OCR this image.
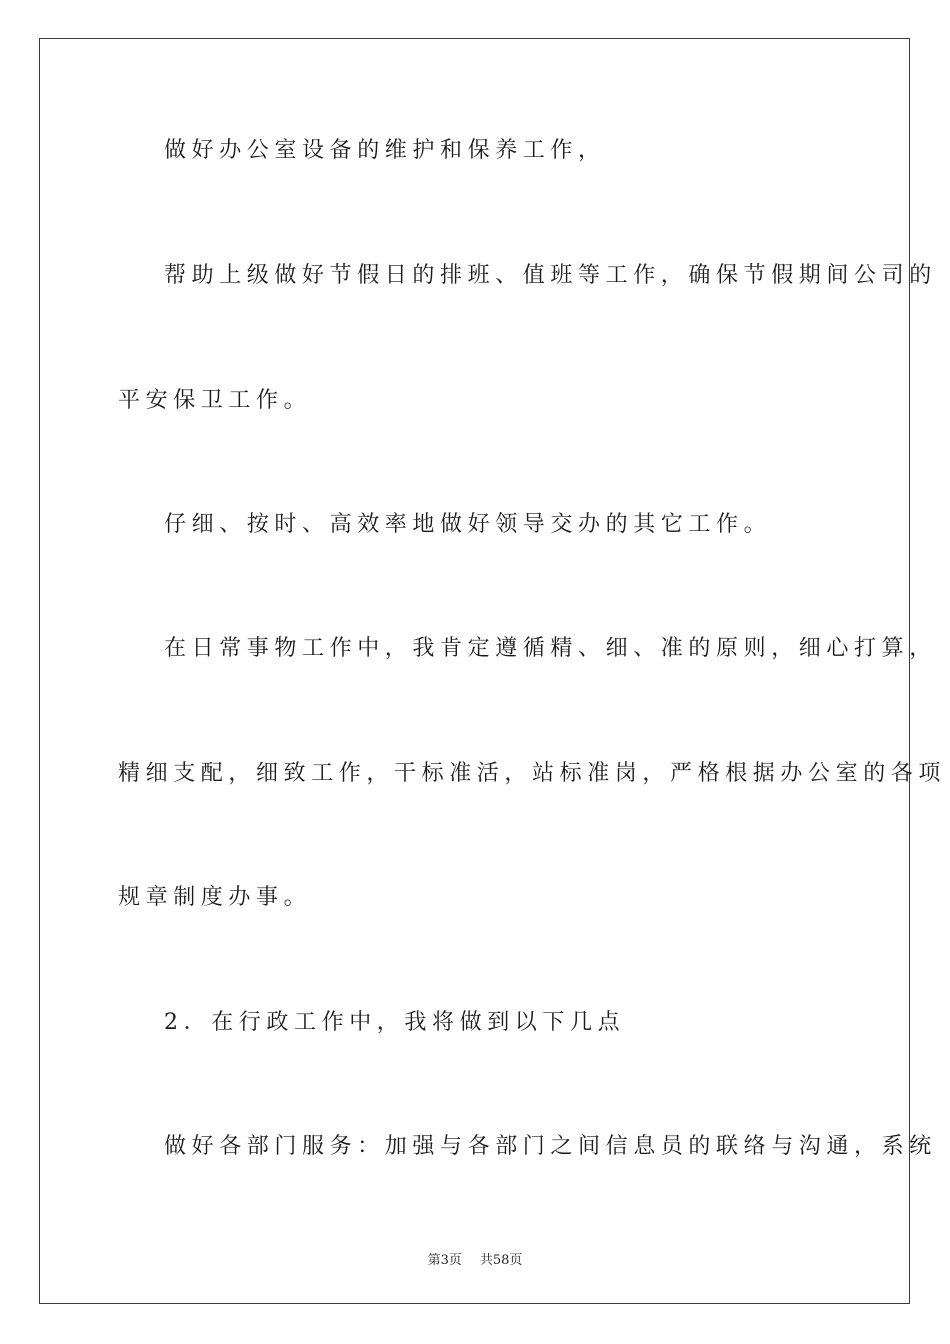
做好办公室设备的维护和保养工作，
帮助上级做好节假日的排班、值班等工作，确保节假期间公司的
平安保卫工作。
仔细、按时、高效率地做好领导交办的其它工作。
在日常事物工作中，我肯定遵循精、细、准的原则，细心打算，
精细支配，细致工作，干标准活，站标准岗，严格根据办公室的各项
规章制度办事。
2．在行政工作中，我将做到以下几点
做好各部门服务：加强与各部门之间信息员的联络与沟通，系统
第3页 共58页
